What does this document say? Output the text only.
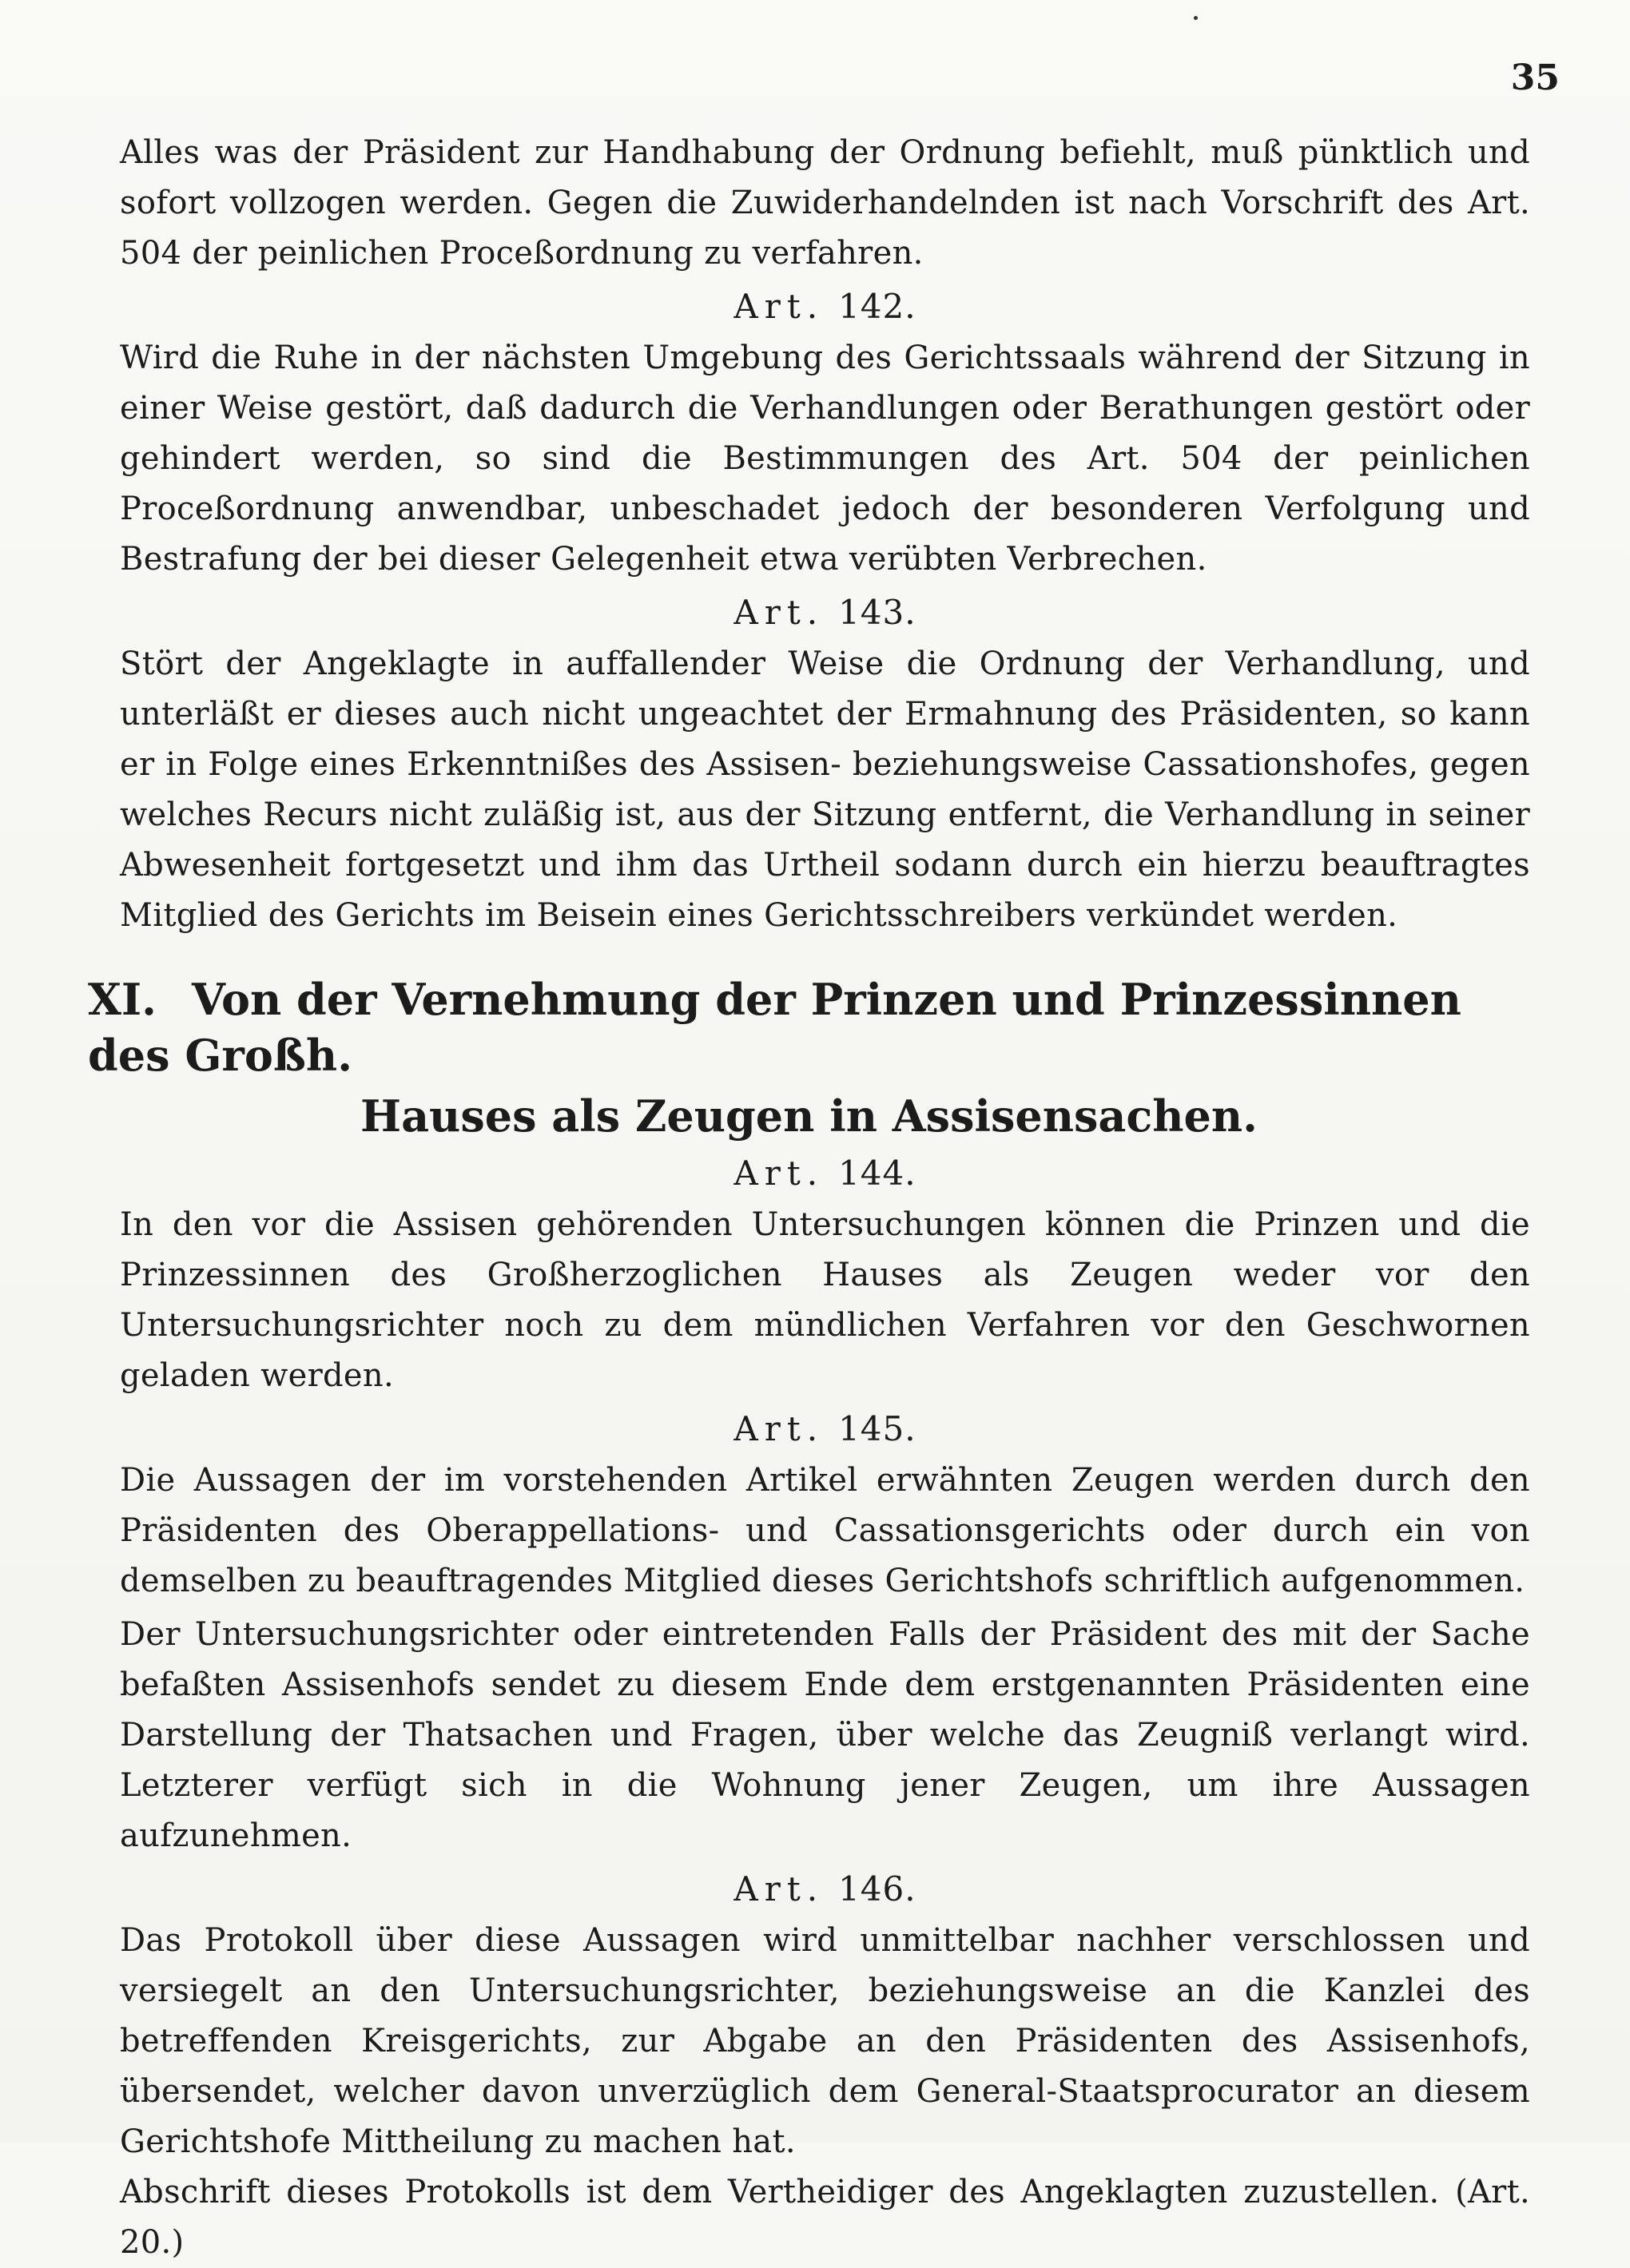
35

Alles was der Präsident zur Handhabung der Ordnung befiehlt, muß pünktlich und sofort vollzogen werden. Gegen die Zuwiderhandelnden ist nach Vorschrift des Art. 504 der peinlichen Proceßordnung zu verfahren.

Art. 142.

Wird die Ruhe in der nächsten Umgebung des Gerichtssaals während der Sitzung in einer Weise gestört, daß dadurch die Verhandlungen oder Berathungen gestört oder gehindert werden, so sind die Bestimmungen des Art. 504 der peinlichen Proceßordnung anwendbar, unbeschadet jedoch der besonderen Verfolgung und Bestrafung der bei dieser Gelegenheit etwa verübten Verbrechen.

Art. 143.

Stört der Angeklagte in auffallender Weise die Ordnung der Verhandlung, und unterläßt er dieses auch nicht ungeachtet der Ermahnung des Präsidenten, so kann er in Folge eines Erkenntnißes des Assisen- beziehungsweise Cassationshofes, gegen welches Recurs nicht zuläßig ist, aus der Sitzung entfernt, die Verhandlung in seiner Abwesenheit fortgesetzt und ihm das Urtheil sodann durch ein hierzu beauftragtes Mitglied des Gerichts im Beisein eines Gerichtsschreibers verkündet werden.

XI. Von der Vernehmung der Prinzen und Prinzessinnen des Großh.
Hauses als Zeugen in Assisensachen.
Art. 144.

In den vor die Assisen gehörenden Untersuchungen können die Prinzen und die Prinzessinnen des Großherzoglichen Hauses als Zeugen weder vor den Untersuchungsrichter noch zu dem mündlichen Verfahren vor den Geschwornen geladen werden.

Art. 145.

Die Aussagen der im vorstehenden Artikel erwähnten Zeugen werden durch den Präsidenten des Oberappellations- und Cassationsgerichts oder durch ein von demselben zu beauftragendes Mitglied dieses Gerichtshofs schriftlich aufgenommen.

Der Untersuchungsrichter oder eintretenden Falls der Präsident des mit der Sache befaßten Assisenhofs sendet zu diesem Ende dem erstgenannten Präsidenten eine Darstellung der Thatsachen und Fragen, über welche das Zeugniß verlangt wird. Letzterer verfügt sich in die Wohnung jener Zeugen, um ihre Aussagen aufzunehmen.

Art. 146.

Das Protokoll über diese Aussagen wird unmittelbar nachher verschlossen und versiegelt an den Untersuchungsrichter, beziehungsweise an die Kanzlei des betreffenden Kreisgerichts, zur Abgabe an den Präsidenten des Assisenhofs, übersendet, welcher davon unverzüglich dem General-Staatsprocurator an diesem Gerichtshofe Mittheilung zu machen hat.

Abschrift dieses Protokolls ist dem Vertheidiger des Angeklagten zuzustellen. (Art. 20.)
